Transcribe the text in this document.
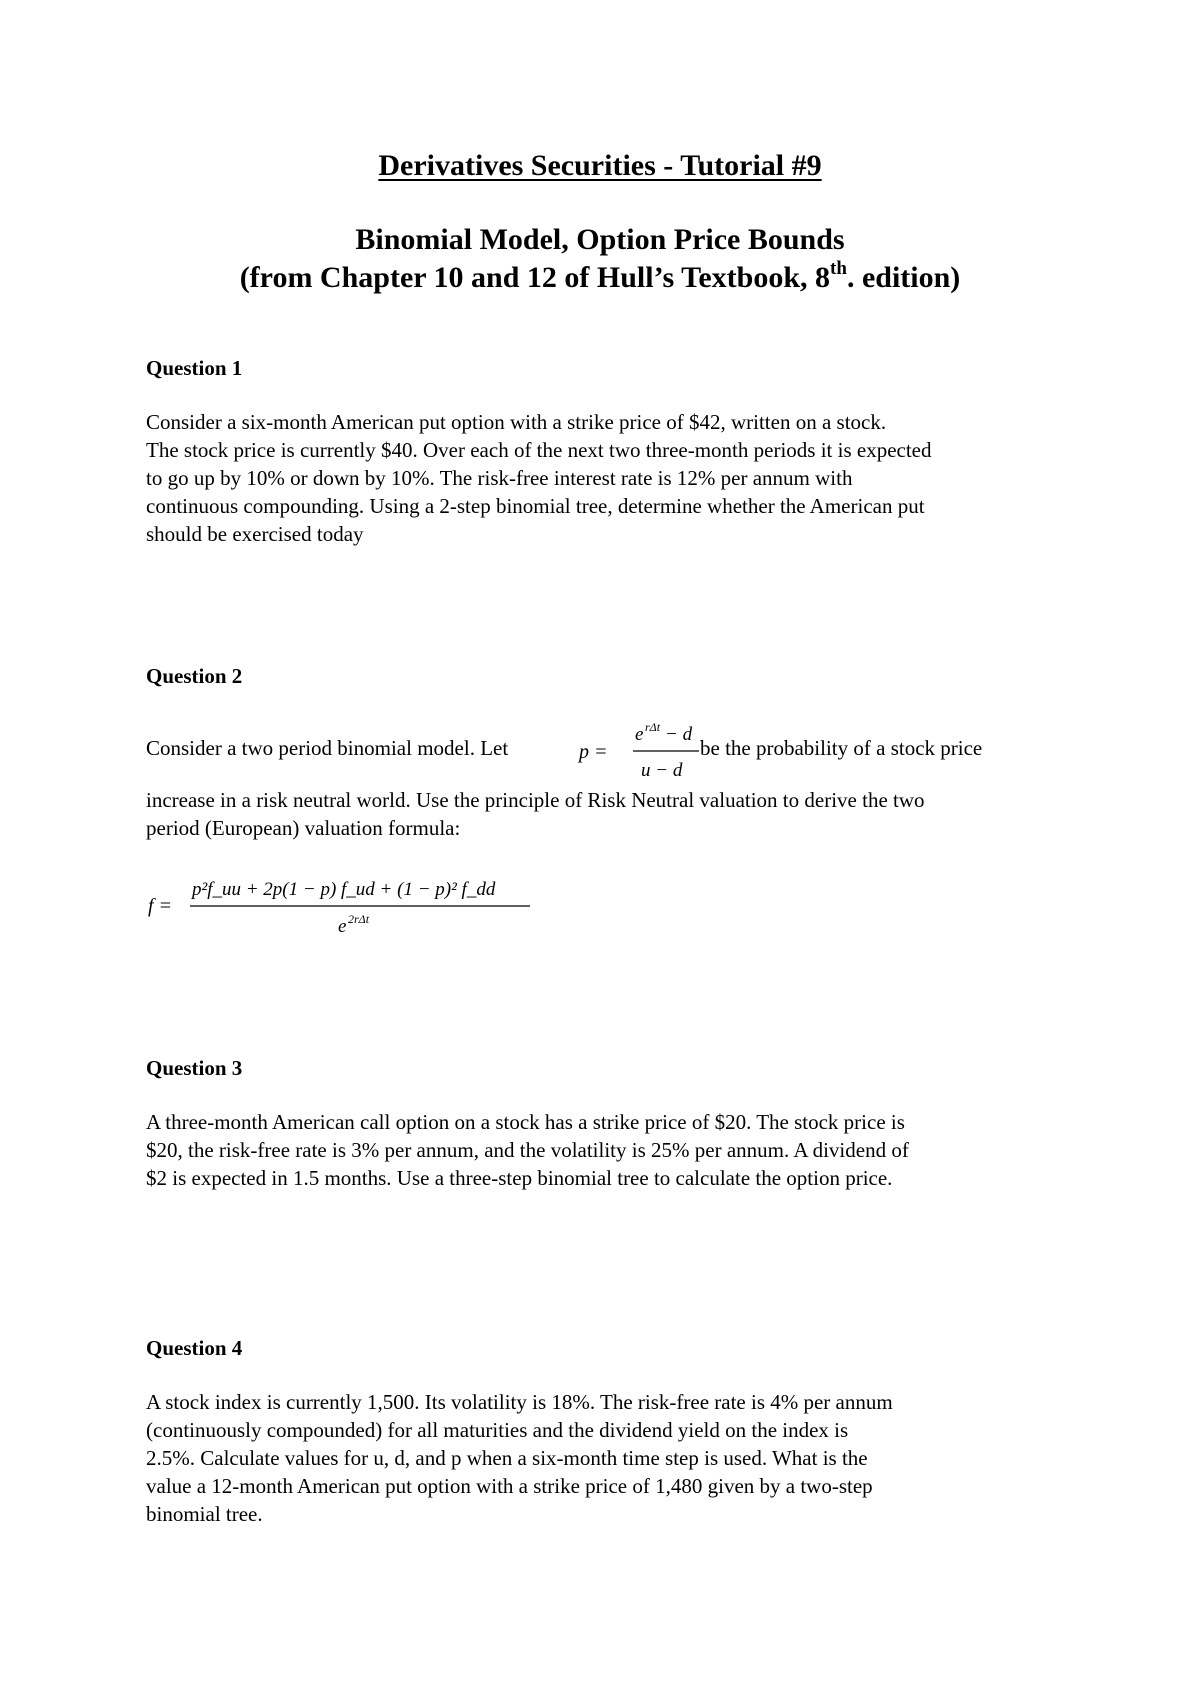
Derivatives Securities - Tutorial #9
Binomial Model, Option Price Bounds
(from Chapter 10 and 12 of Hull’s Textbook, 8th. edition)
Question 1
Consider a six-month American put option with a strike price of $42, written on a stock.
The stock price is currently $40. Over each of the next two three-month periods it is expected
to go up by 10% or down by 10%. The risk-free interest rate is 12% per annum with
continuous compounding. Using a 2-step binomial tree, determine whether the American put
should be exercised today
Question 2
Consider a two period binomial model. Let	p =
e rΔt − d
u − d
be the probability of a stock price
increase in a risk neutral world. Use the principle of Risk Neutral valuation to derive the two
period (European) valuation formula:
f =
p²f_uu + 2p(1 − p) f_ud + (1 − p)² f_dd
e 2rΔt
Question 3
A three-month American call option on a stock has a strike price of $20. The stock price is
$20, the risk-free rate is 3% per annum, and the volatility is 25% per annum. A dividend of
$2 is expected in 1.5 months. Use a three-step binomial tree to calculate the option price.
Question 4
A stock index is currently 1,500. Its volatility is 18%. The risk-free rate is 4% per annum
(continuously compounded) for all maturities and the dividend yield on the index is
2.5%. Calculate values for u, d, and p when a six-month time step is used. What is the
value a 12-month American put option with a strike price of 1,480 given by a two-step
binomial tree.
